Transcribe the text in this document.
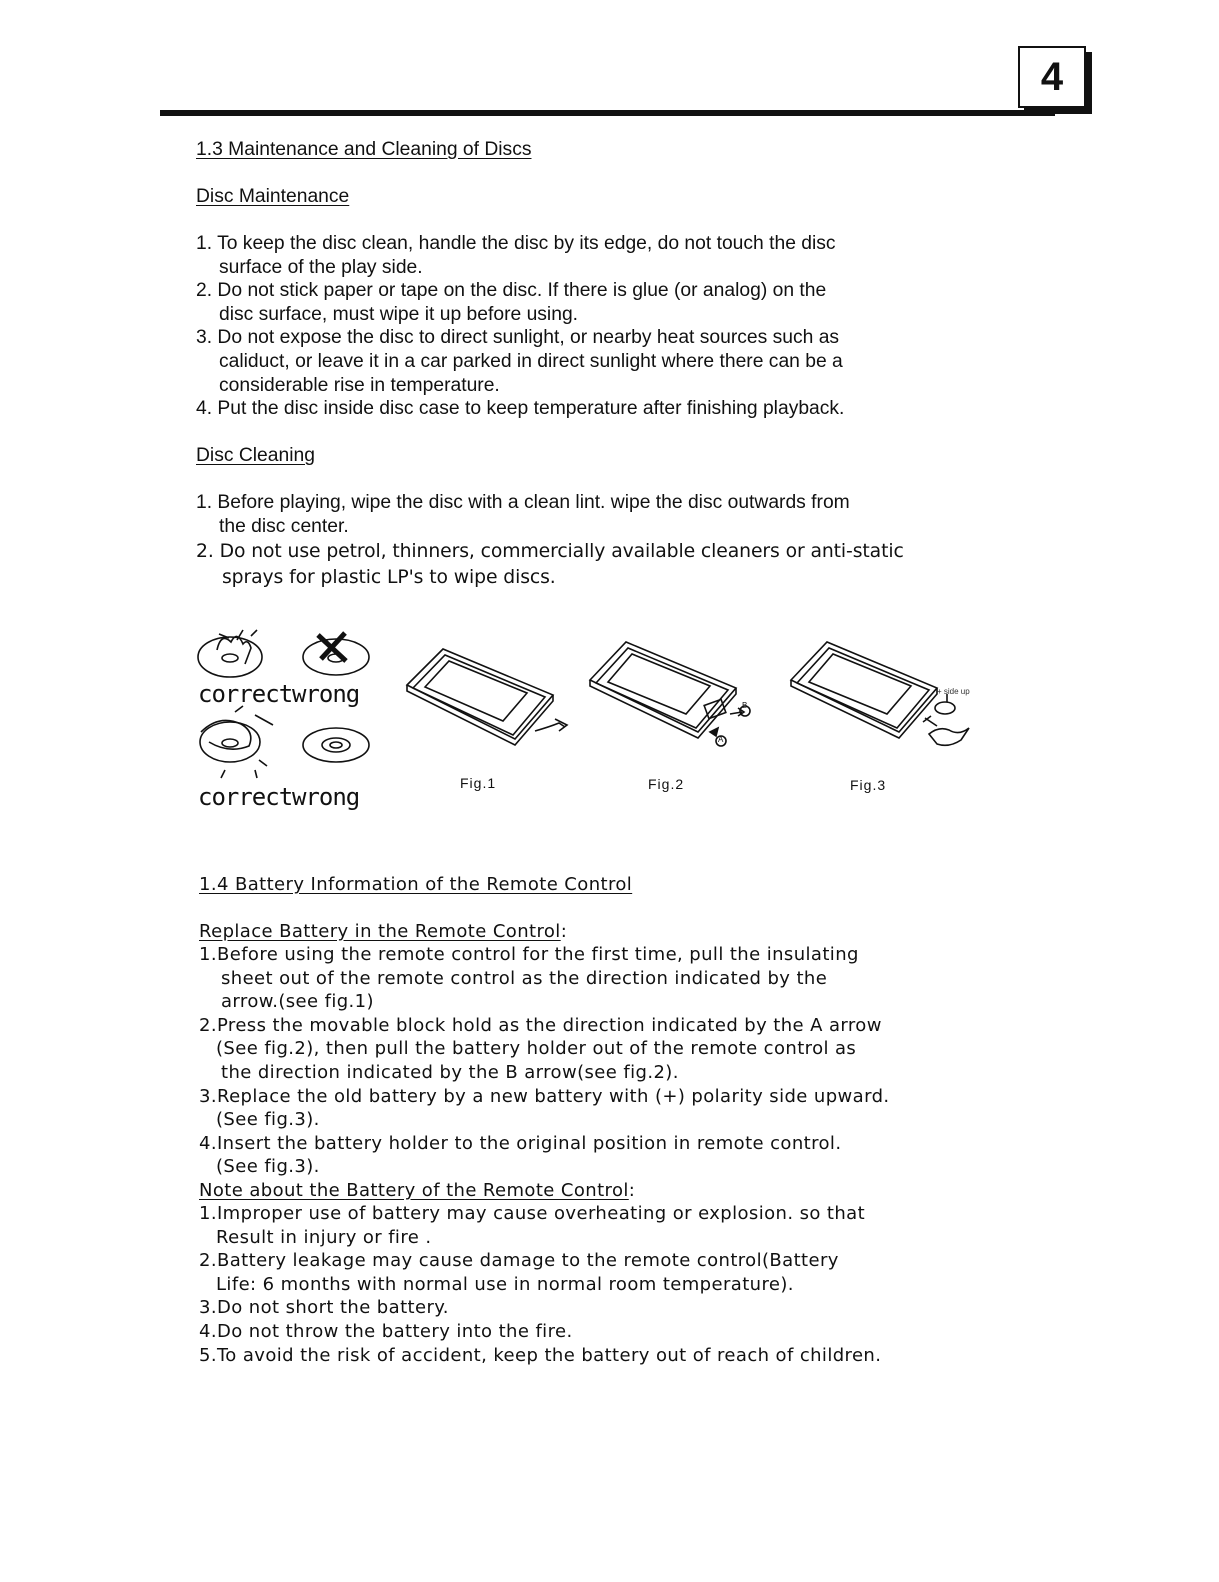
4
1.3 Maintenance and Cleaning of Discs
Disc Maintenance
1. To keep the disc clean, handle the disc by its edge, do not touch the disc
surface of the play side.
2. Do not stick paper or tape on the disc. If there is glue (or analog) on the
disc surface, must wipe it up before using.
3. Do not expose the disc to direct sunlight, or nearby heat sources such as
caliduct, or leave it in a car parked in direct sunlight where there can be a
considerable rise in temperature.
4. Put the disc inside disc case to keep temperature after finishing playback.
Disc Cleaning
1. Before playing, wipe the disc with a clean lint. wipe the disc outwards from
the disc center.
2. Do not use petrol, thinners, commercially available cleaners or anti-static
sprays for plastic LP's to wipe discs.
correct wrong
correct wrong	Fig.1
B
A
Fig.2
+ side up
Fig.3
1.4 Battery Information of the Remote Control
Replace Battery in the Remote Control:
1.Before using the remote control for the first time, pull the insulating
sheet out of the remote control as the direction indicated by the
arrow.(see fig.1)
2.Press the movable block hold as the direction indicated by the A arrow
(See fig.2), then pull the battery holder out of the remote control as
the direction indicated by the B arrow(see fig.2).
3.Replace the old battery by a new battery with (+) polarity side upward.
(See fig.3).
4.Insert the battery holder to the original position in remote control.
(See fig.3).
Note about the Battery of the Remote Control:
1.Improper use of battery may cause overheating or explosion. so that
Result in injury or fire .
2.Battery leakage may cause damage to the remote control(Battery
Life: 6 months with normal use in normal room temperature).
3.Do not short the battery.
4.Do not throw the battery into the fire.
5.To avoid the risk of accident, keep the battery out of reach of children.
